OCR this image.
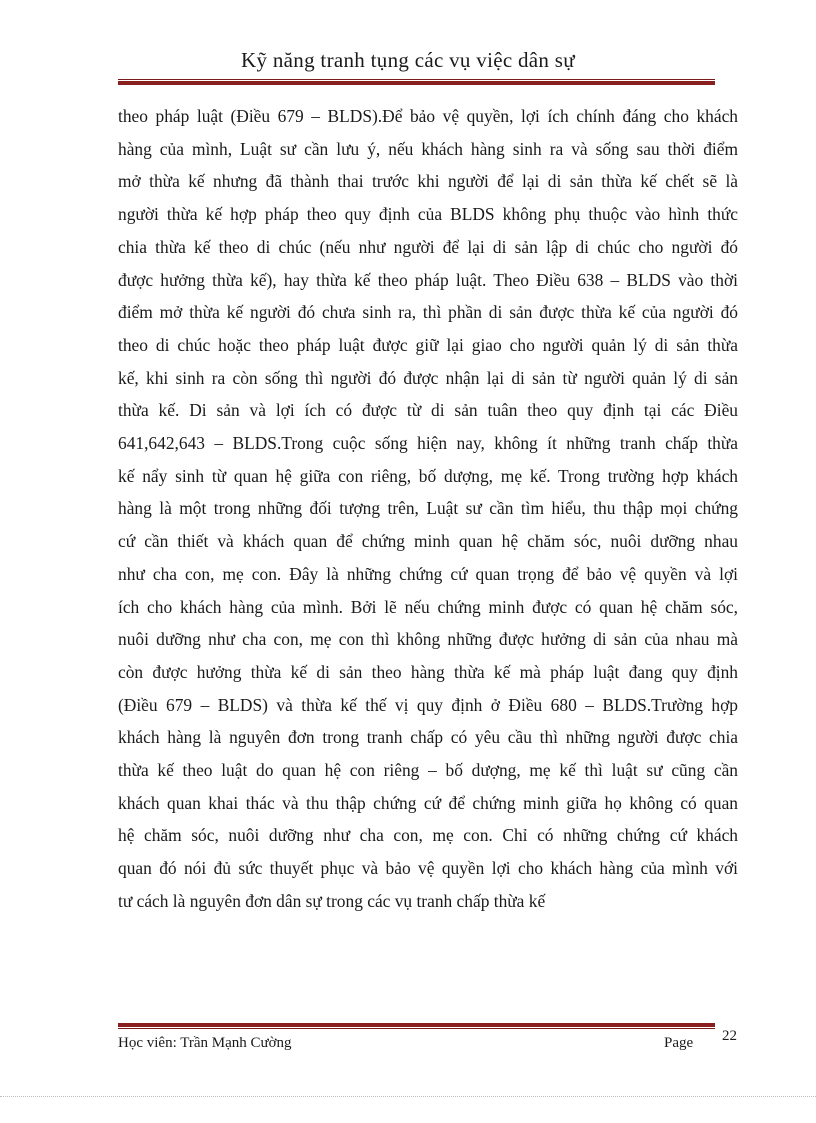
Kỹ năng tranh tụng các vụ việc dân sự
theo pháp luật (Điều 679 – BLDS).Để bảo vệ quyền, lợi ích chính đáng cho khách
hàng của mình, Luật sư cần lưu ý, nếu khách hàng sinh ra và sống sau thời điểm
mở thừa kế nhưng đã thành thai trước khi người để lại di sản thừa kế chết sẽ là
người thừa kế hợp pháp theo quy định của BLDS không phụ thuộc vào hình thức
chia thừa kế theo di chúc (nếu như người để lại di sản lập di chúc cho người đó
được hưởng thừa kế), hay thừa kế theo pháp luật. Theo Điều 638 – BLDS vào thời
điểm mở thừa kế người đó chưa sinh ra, thì phần di sản được thừa kế của người đó
theo di chúc hoặc theo pháp luật được giữ lại giao cho người quản lý di sản thừa
kế, khi sinh ra còn sống thì người đó được nhận lại di sản từ người quản lý di sản
thừa kế. Di sản và lợi ích có được từ di sản tuân theo quy định tại các Điều
641,642,643 – BLDS.Trong cuộc sống hiện nay, không ít những tranh chấp thừa
kế nẩy sinh từ quan hệ giữa con riêng, bố dượng, mẹ kế. Trong trường hợp khách
hàng là một trong những đối tượng trên, Luật sư cần tìm hiểu, thu thập mọi chứng
cứ cần thiết và khách quan để chứng minh quan hệ chăm sóc, nuôi dưỡng nhau
như cha con, mẹ con. Đây là những chứng cứ quan trọng để bảo vệ quyền và lợi
ích cho khách hàng của mình. Bởi lẽ nếu chứng minh được có quan hệ chăm sóc,
nuôi dưỡng như cha con, mẹ con thì không những được hưởng di sản của nhau mà
còn được hưởng thừa kế di sản theo hàng thừa kế mà pháp luật đang quy định
(Điều 679 – BLDS) và thừa kế thế vị quy định ở Điều 680 – BLDS.Trường hợp
khách hàng là nguyên đơn trong tranh chấp có yêu cầu thì những người được chia
thừa kế theo luật do quan hệ con riêng – bố dượng, mẹ kế thì luật sư cũng cần
khách quan khai thác và thu thập chứng cứ để chứng minh giữa họ không có quan
hệ chăm sóc, nuôi dưỡng như cha con, mẹ con. Chỉ có những chứng cứ khách
quan đó nói đủ sức thuyết phục và bảo vệ quyền lợi cho khách hàng của mình với
tư cách là nguyên đơn dân sự trong các vụ tranh chấp thừa kế
Học viên: Trần Mạnh Cường	Page 22
